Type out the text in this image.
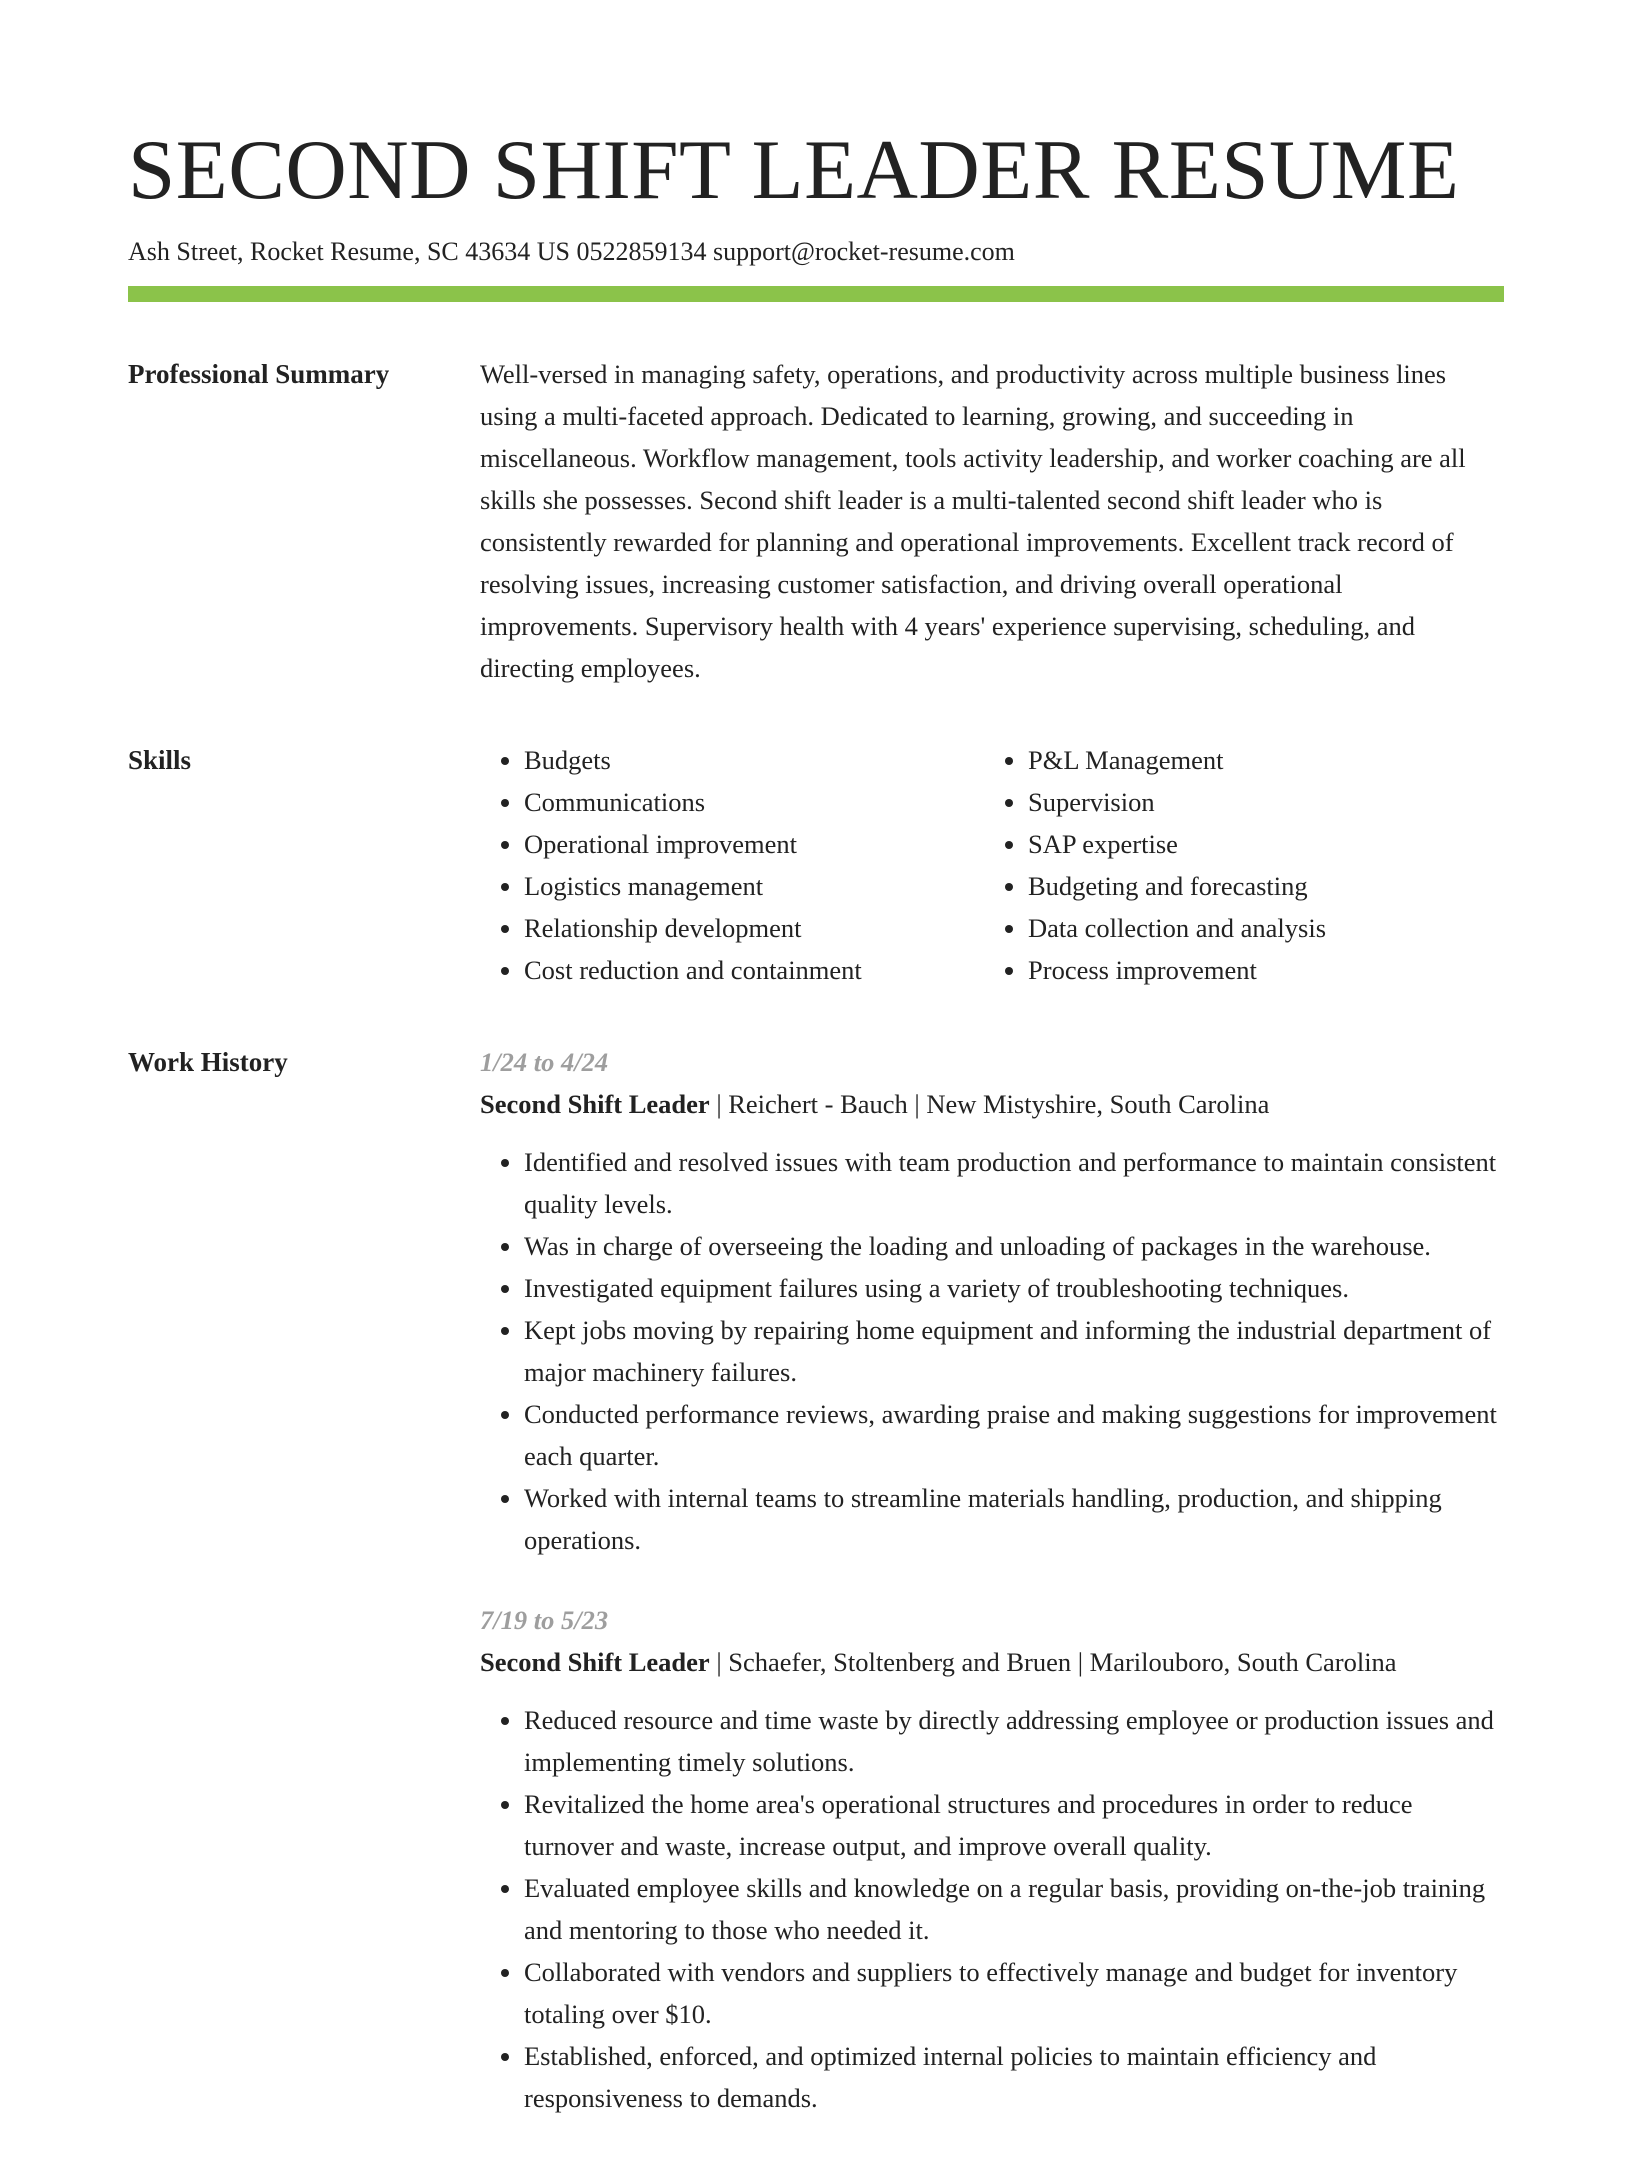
SECOND SHIFT LEADER RESUME
Ash Street, Rocket Resume, SC 43634 US 0522859134 support@rocket-resume.com
Professional Summary	Well-versed in managing safety, operations, and productivity across multiple business lines using a multi-faceted approach. Dedicated to learning, growing, and succeeding in miscellaneous. Workflow management, tools activity leadership, and worker coaching are all skills she possesses. Second shift leader is a multi-talented second shift leader who is consistently rewarded for planning and operational improvements. Excellent track record of resolving issues, increasing customer satisfaction, and driving overall operational improvements. Supervisory health with 4 years' experience supervising, scheduling, and directing employees.

Skills
•	Budgets
• Communications
• Operational improvement
• Logistics management
• Relationship development
• Cost reduction and containment
• P&L Management
• Supervision
• SAP expertise
• Budgeting and forecasting
• Data collection and analysis
• Process improvement
Work History	1/24 to 4/24
Second Shift Leader | Reichert - Bauch | New Mistyshire, South Carolina
• Identified and resolved issues with team production and performance to maintain consistent quality levels.
• Was in charge of overseeing the loading and unloading of packages in the warehouse.
• Investigated equipment failures using a variety of troubleshooting techniques.
• Kept jobs moving by repairing home equipment and informing the industrial department of major machinery failures.
• Conducted performance reviews, awarding praise and making suggestions for improvement each quarter.
• Worked with internal teams to streamline materials handling, production, and shipping operations.
7/19 to 5/23
Second Shift Leader | Schaefer, Stoltenberg and Bruen | Marilouboro, South Carolina
• Reduced resource and time waste by directly addressing employee or production issues and implementing timely solutions.
• Revitalized the home area's operational structures and procedures in order to reduce turnover and waste, increase output, and improve overall quality.
• Evaluated employee skills and knowledge on a regular basis, providing on-the-job training and mentoring to those who needed it.
• Collaborated with vendors and suppliers to effectively manage and budget for inventory totaling over $10.
• Established, enforced, and optimized internal policies to maintain efficiency and responsiveness to demands.
